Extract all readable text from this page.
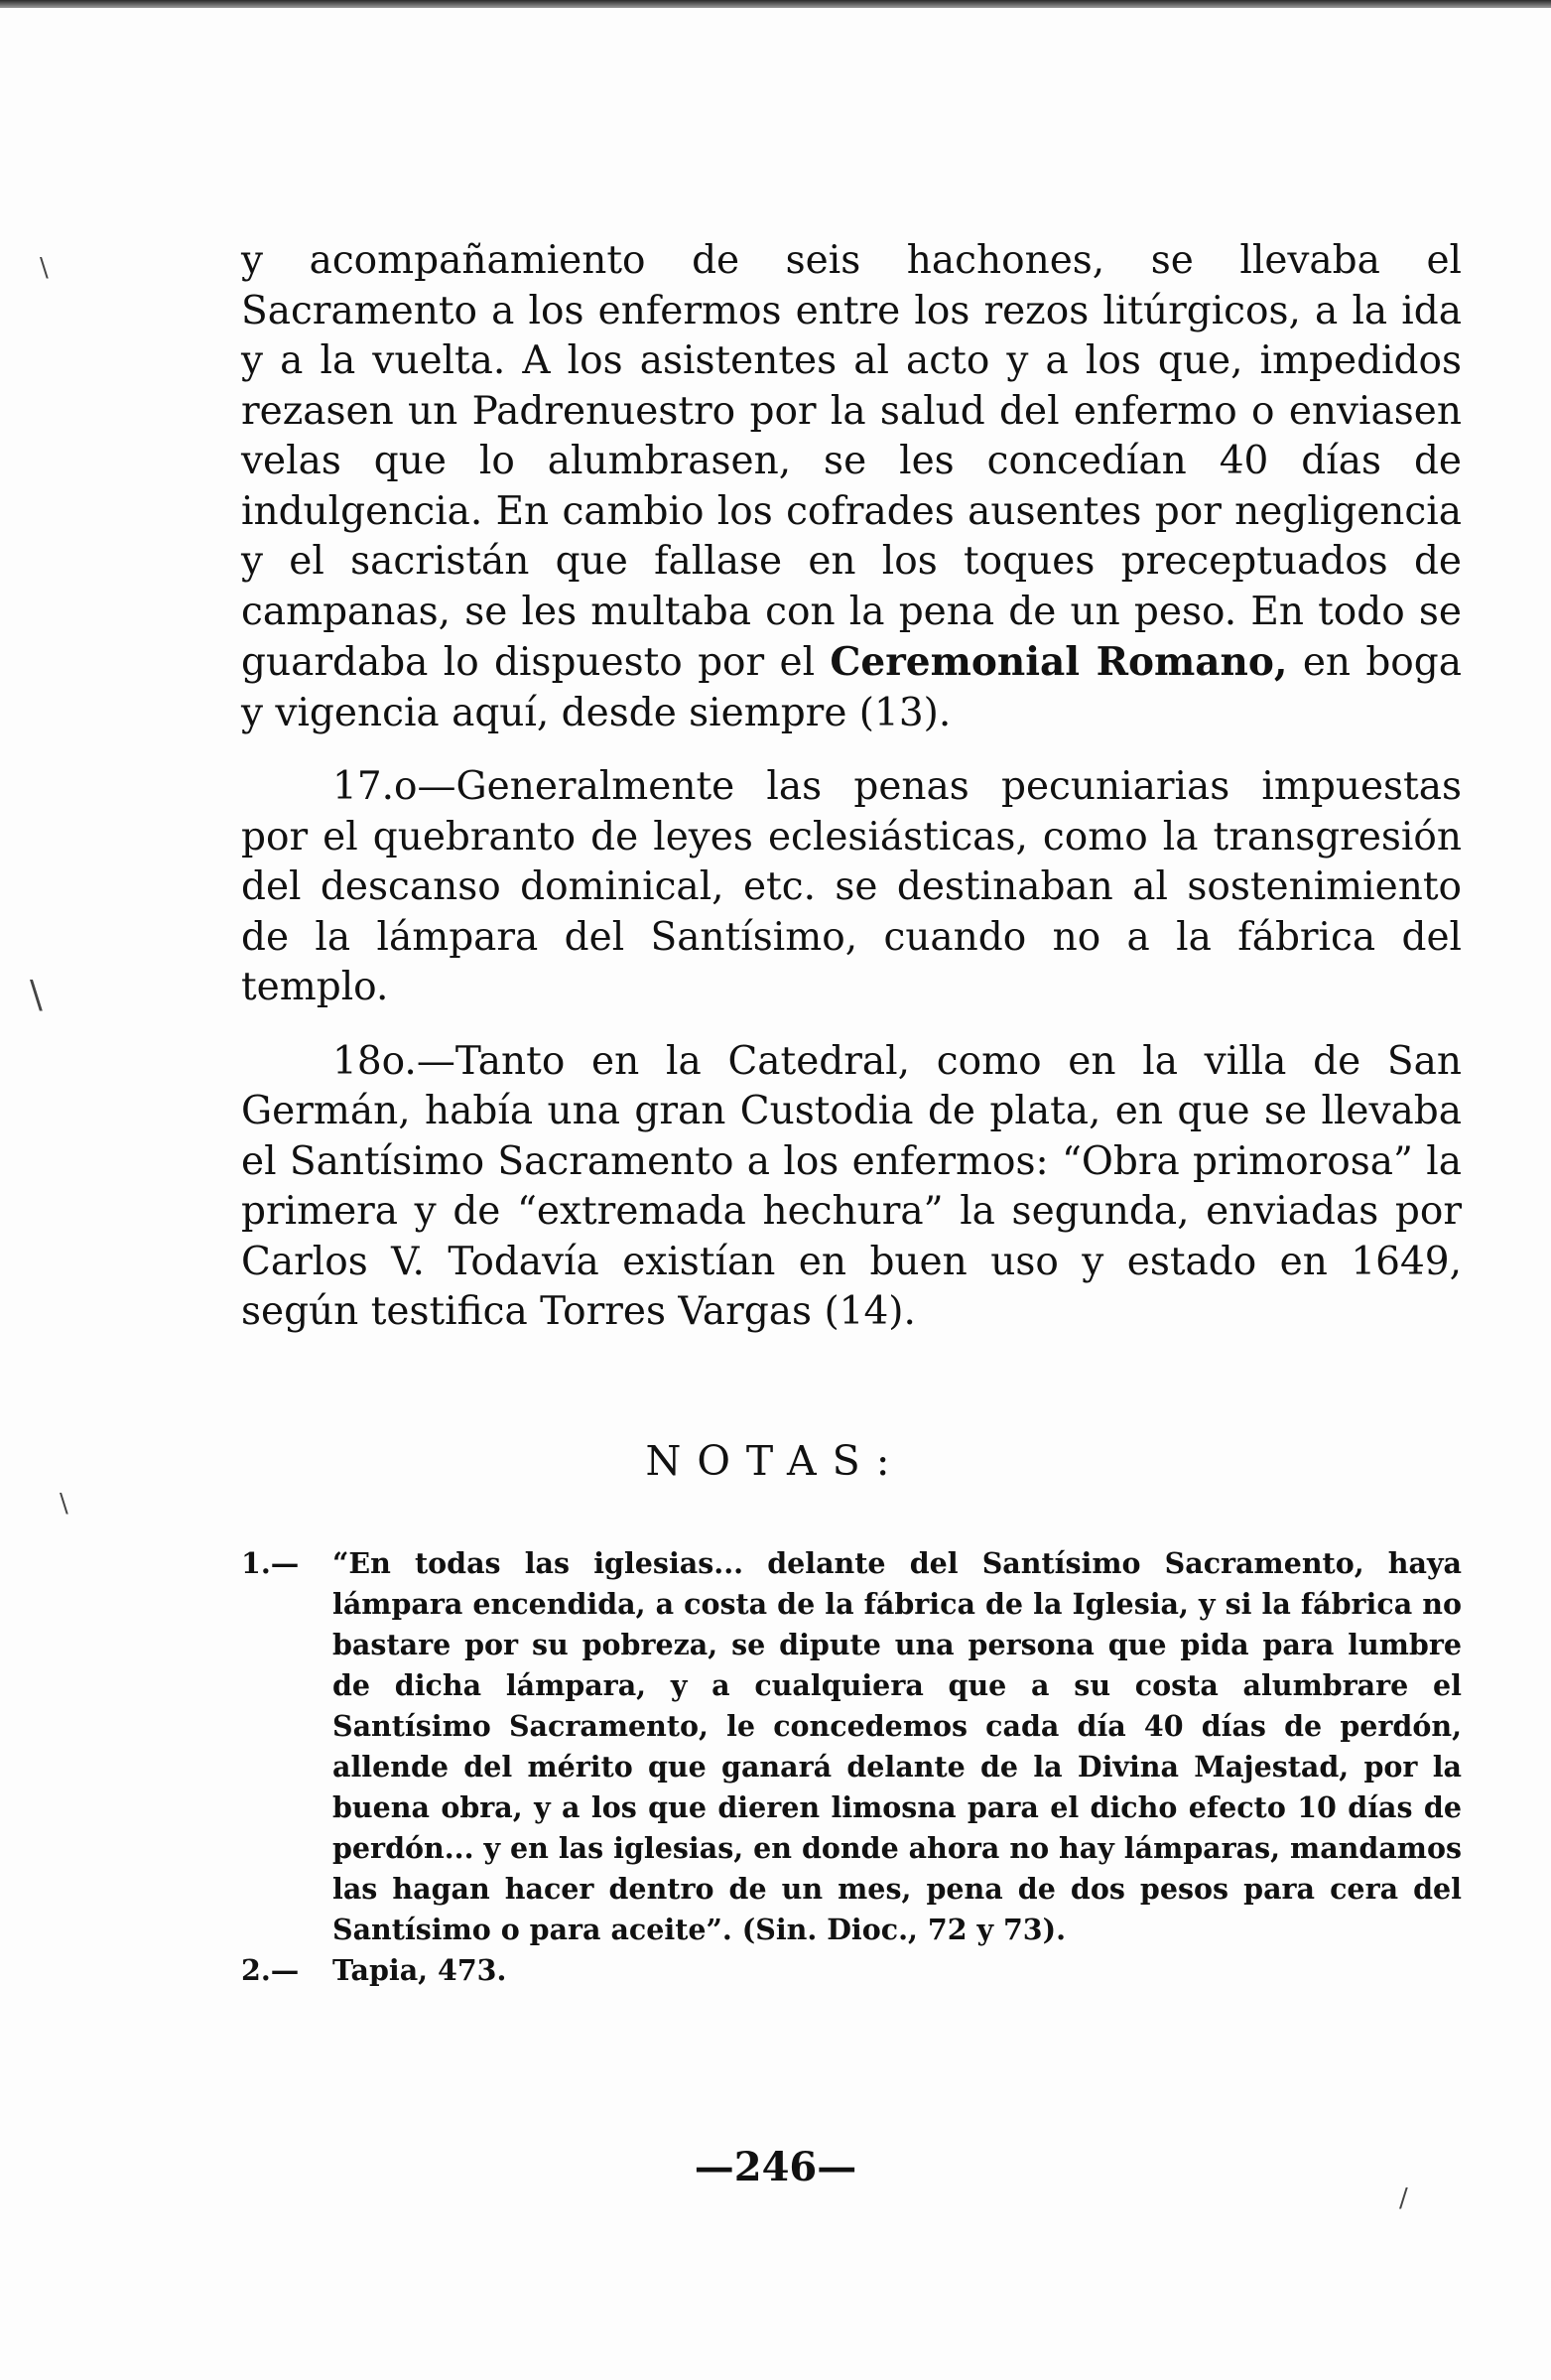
y acompañamiento de seis hachones, se llevaba el Sacramento a los enfermos entre los rezos litúrgicos, a la ida y a la vuelta. A los asistentes al acto y a los que, impedidos rezasen un Padrenuestro por la salud del enfermo o enviasen velas que lo alumbrasen, se les concedían 40 días de indulgencia. En cambio los cofrades ausentes por negligencia y el sacristán que fallase en los toques preceptuados de campanas, se les multaba con la pena de un peso. En todo se guardaba lo dispuesto por el Ceremonial Romano, en boga y vigencia aquí, desde siempre (13).

17.o—Generalmente las penas pecuniarias impuestas por el quebranto de leyes eclesiásticas, como la transgresión del descanso dominical, etc. se destinaban al sostenimiento de la lámpara del Santísimo, cuando no a la fábrica del templo.

18o.—Tanto en la Catedral, como en la villa de San Germán, había una gran Custodia de plata, en que se llevaba el Santísimo Sacramento a los enfermos: “Obra primorosa” la primera y de “extremada hechura” la segunda, enviadas por Carlos V. Todavía existían en buen uso y estado en 1649, según testifica Torres Vargas (14).

NOTAS:
1.—	“En todas las iglesias... delante del Santísimo Sacramento, haya lámpara encendida, a costa de la fábrica de la Iglesia, y si la fábrica no bastare por su pobreza, se dipute una persona que pida para lumbre de dicha lámpara, y a cualquiera que a su costa alumbrare el Santísimo Sacramento, le concedemos cada día 40 días de perdón, allende del mérito que ganará delante de la Divina Majestad, por la buena obra, y a los que dieren limosna para el dicho efecto 10 días de perdón... y en las iglesias, en donde ahora no hay lámparas, mandamos las hagan hacer dentro de un mes, pena de dos pesos para cera del Santísimo o para aceite”. (Sin. Dioc., 72 y 73).
2.—	Tapia, 473.
—246—
\
\
\
/
